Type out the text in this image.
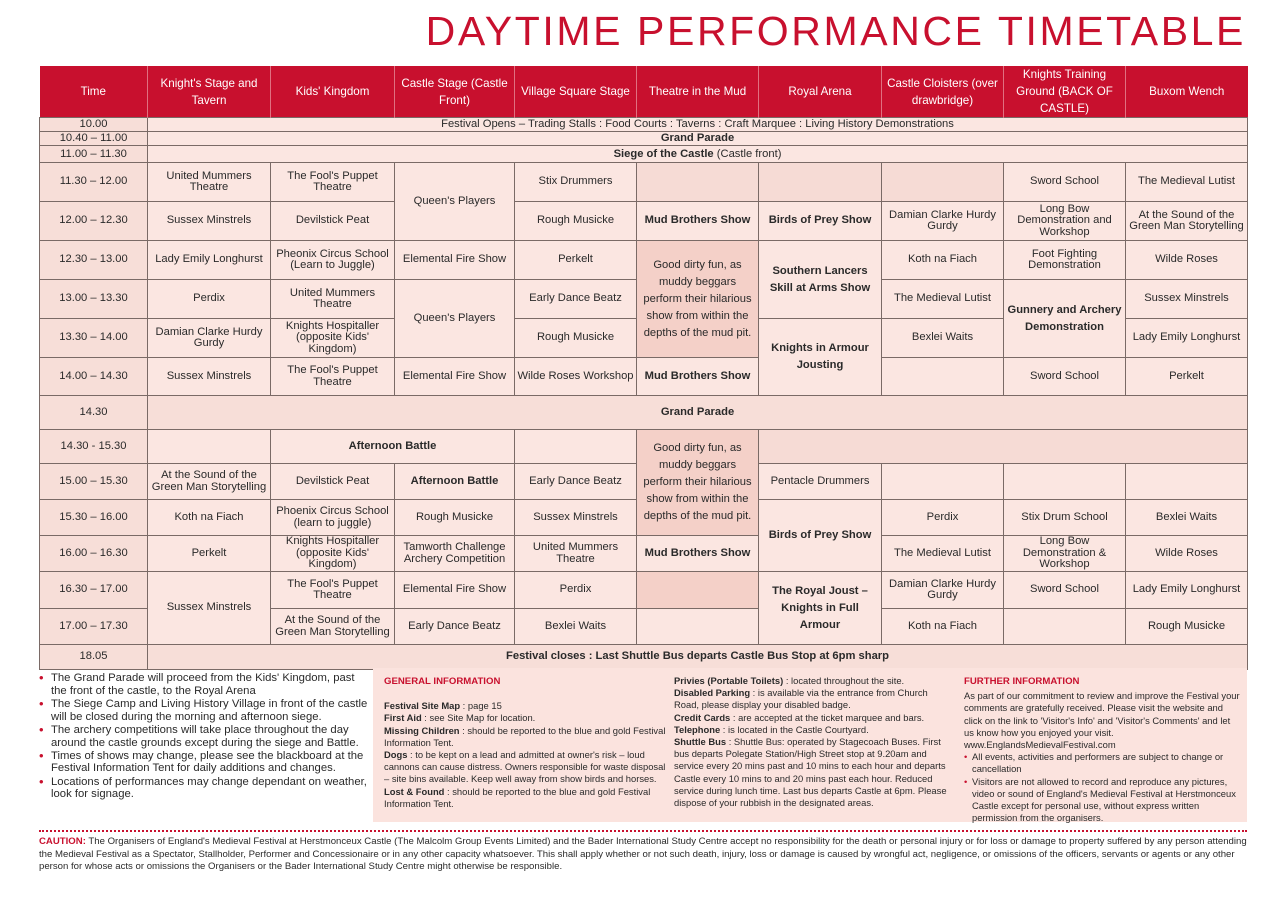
DAYTIME PERFORMANCE TIMETABLE
Time	Knight's Stage and Tavern	Kids' Kingdom	Castle Stage (Castle Front)	Village Square Stage	Theatre in the Mud	Royal Arena	Castle Cloisters (over drawbridge)	Knights Training Ground (BACK OF CASTLE)	Buxom Wench
10.00	Festival Opens – Trading Stalls : Food Courts : Taverns : Craft Marquee : Living History Demonstrations								
10.40 – 11.00	Grand Parade								
11.00 – 11.30	Siege of the Castle (Castle front)								
11.30 – 12.00	United Mummers Theatre	The Fool's Puppet Theatre	Queen's Players	Stix Drummers				Sword School	The Medieval Lutist
12.00 – 12.30	Sussex Minstrels	Devilstick Peat		Rough Musicke	Mud Brothers Show	Birds of Prey Show	Damian Clarke Hurdy Gurdy	Long Bow Demonstration and Workshop	At the Sound of the Green Man Storytelling
12.30 – 13.00	Lady Emily Longhurst	Pheonix Circus School (Learn to Juggle)	Elemental Fire Show	Perkelt	Good dirty fun, as muddy beggars perform their hilarious show from within the depths of the mud pit.	Southern Lancers Skill at Arms Show	Koth na Fiach	Foot Fighting Demonstration	Wilde Roses
13.00 – 13.30	Perdix	United Mummers Theatre	Queen's Players	Early Dance Beatz			The Medieval Lutist	Gunnery and Archery Demonstration	Sussex Minstrels
13.30 – 14.00	Damian Clarke Hurdy Gurdy	Knights Hospitaller (opposite Kids' Kingdom)		Rough Musicke		Knights in Armour Jousting	Bexlei Waits		Lady Emily Longhurst
14.00 – 14.30	Sussex Minstrels	The Fool's Puppet Theatre	Elemental Fire Show	Wilde Roses Workshop	Mud Brothers Show			Sword School	Perkelt
14.30	Grand Parade								
14.30 - 15.30		Afternoon Battle			Good dirty fun, as muddy beggars perform their hilarious show from within the depths of the mud pit.				
15.00 – 15.30	At the Sound of the Green Man Storytelling	Devilstick Peat	Afternoon Battle	Early Dance Beatz		Pentacle Drummers			
15.30 – 16.00	Koth na Fiach	Phoenix Circus School (learn to juggle)	Rough Musicke	Sussex Minstrels		Birds of Prey Show	Perdix	Stix Drum School	Bexlei Waits
16.00 – 16.30	Perkelt	Knights Hospitaller (opposite Kids' Kingdom)	Tamworth Challenge Archery Competition	United Mummers Theatre	Mud Brothers Show		The Medieval Lutist	Long Bow Demonstration & Workshop	Wilde Roses
16.30 – 17.00	Sussex Minstrels	The Fool's Puppet Theatre	Elemental Fire Show	Perdix		The Royal Joust – Knights in Full Armour	Damian Clarke Hurdy Gurdy	Sword School	Lady Emily Longhurst
17.00 – 17.30		At the Sound of the Green Man Storytelling	Early Dance Beatz	Bexlei Waits			Koth na Fiach		Rough Musicke
18.05	Festival closes : Last Shuttle Bus departs Castle Bus Stop at 6pm sharp								
• The Grand Parade will proceed from the Kids' Kingdom, past the front of the castle, to the Royal Arena
• The Siege Camp and Living History Village in front of the castle will be closed during the morning and afternoon siege.
• The archery competitions will take place throughout the day around the castle grounds except during the siege and Battle.
• Times of shows may change, please see the blackboard at the Festival Information Tent for daily additions and changes.
• Locations of performances may change dependant on weather, look for signage.
GENERAL INFORMATION
Festival Site Map : page 15
First Aid : see Site Map for location.
Missing Children : should be reported to the blue and gold Festival Information Tent.
Dogs : to be kept on a lead and admitted at owner's risk – loud cannons can cause distress. Owners responsible for waste disposal – site bins available. Keep well away from show birds and horses.
Lost & Found : should be reported to the blue and gold Festival Information Tent.
Privies (Portable Toilets) : located throughout the site.
Disabled Parking : is available via the entrance from Church Road, please display your disabled badge.
Credit Cards : are accepted at the ticket marquee and bars.
Telephone : is located in the Castle Courtyard.
Shuttle Bus : Shuttle Bus: operated by Stagecoach Buses. First bus departs Polegate Station/High Street stop at 9.20am and service every 20 mins past and 10 mins to each hour and departs Castle every 10 mins to and 20 mins past each hour. Reduced service during lunch time. Last bus departs Castle at 6pm. Please dispose of your rubbish in the designated areas.
FURTHER INFORMATION
As part of our commitment to review and improve the Festival your comments are gratefully received. Please visit the website and click on the link to 'Visitor's Info' and 'Visitor's Comments' and let us know how you enjoyed your visit. www.EnglandsMedievalFestival.com
• All events, activities and performers are subject to change or cancellation
• Visitors are not allowed to record and reproduce any pictures, video or sound of England's Medieval Festival at Herstmonceux Castle except for personal use, without express written permission from the organisers.
CAUTION: The Organisers of England's Medieval Festival at Herstmonceux Castle (The Malcolm Group Events Limited) and the Bader International Study Centre accept no responsibility for the death or personal injury or for loss or damage to property suffered by any person attending the Medieval Festival as a Spectator, Stallholder, Performer and Concessionaire or in any other capacity whatsoever. This shall apply whether or not such death, injury, loss or damage is caused by wrongful act, negligence, or omissions of the officers, servants or agents or any other person for whose acts or omissions the Organisers or the Bader International Study Centre might otherwise be responsible.
